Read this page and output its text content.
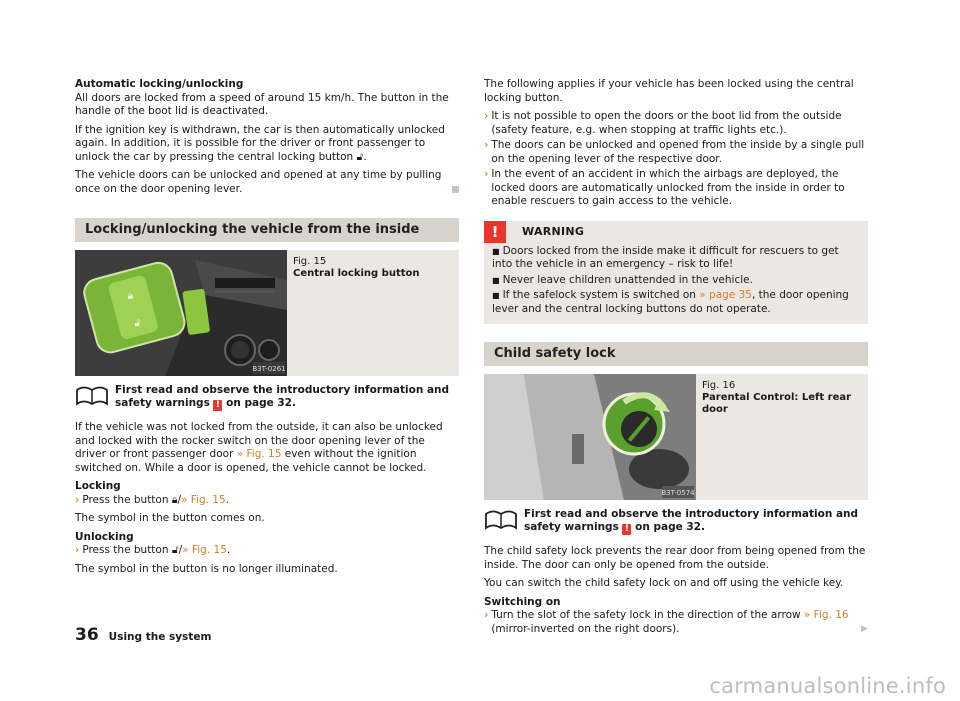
Automatic locking/unlocking
All doors are locked from a speed of around 15 km/h. The button in the handle of the boot lid is deactivated.

If the ignition key is withdrawn, the car is then automatically unlocked again. In addition, it is possible for the driver or front passenger to unlock the car by pressing the central locking button 🔓︎.

The vehicle doors can be unlocked and opened at any time by pulling once on the door opening lever.

Locking/unlocking the vehicle from the inside
🔒︎
🔓︎
B3T-0261
Fig. 15
Central locking button
First read and observe the introductory information and safety warnings ! on page 32.

If the vehicle was not locked from the outside, it can also be unlocked and locked with the rocker switch on the door opening lever of the driver or front passenger door » Fig. 15 even without the ignition switched on. While a door is opened, the vehicle cannot be locked.

Locking
› Press the button 🔒︎/» Fig. 15.

The symbol in the button comes on.

Unlocking
› Press the button 🔓︎/» Fig. 15.

The symbol in the button is no longer illuminated.

The following applies if your vehicle has been locked using the central locking button.

› It is not possible to open the doors or the boot lid from the outside (safety feature, e.g. when stopping at traffic lights etc.).
› The doors can be unlocked and opened from the inside by a single pull on the opening lever of the respective door.
› In the event of an accident in which the airbags are deployed, the locked doors are automatically unlocked from the inside in order to enable rescuers to gain access to the vehicle.
!	WARNING
■ Doors locked from the inside make it difficult for rescuers to get into the vehicle in an emergency – risk to life!
■ Never leave children unattended in the vehicle.
■ If the safelock system is switched on » page 35, the door opening lever and the central locking buttons do not operate.
Child safety lock
B3T-0574
Fig. 16
Parental Control: Left rear door
First read and observe the introductory information and safety warnings ! on page 32.

The child safety lock prevents the rear door from being opened from the inside. The door can only be opened from the outside.

You can switch the child safety lock on and off using the vehicle key.

Switching on

› Turn the slot of the safety lock in the direction of the arrow » Fig. 16 (mirror-inverted on the right doors).	▶
36 Using the system
carmanualsonline.info
